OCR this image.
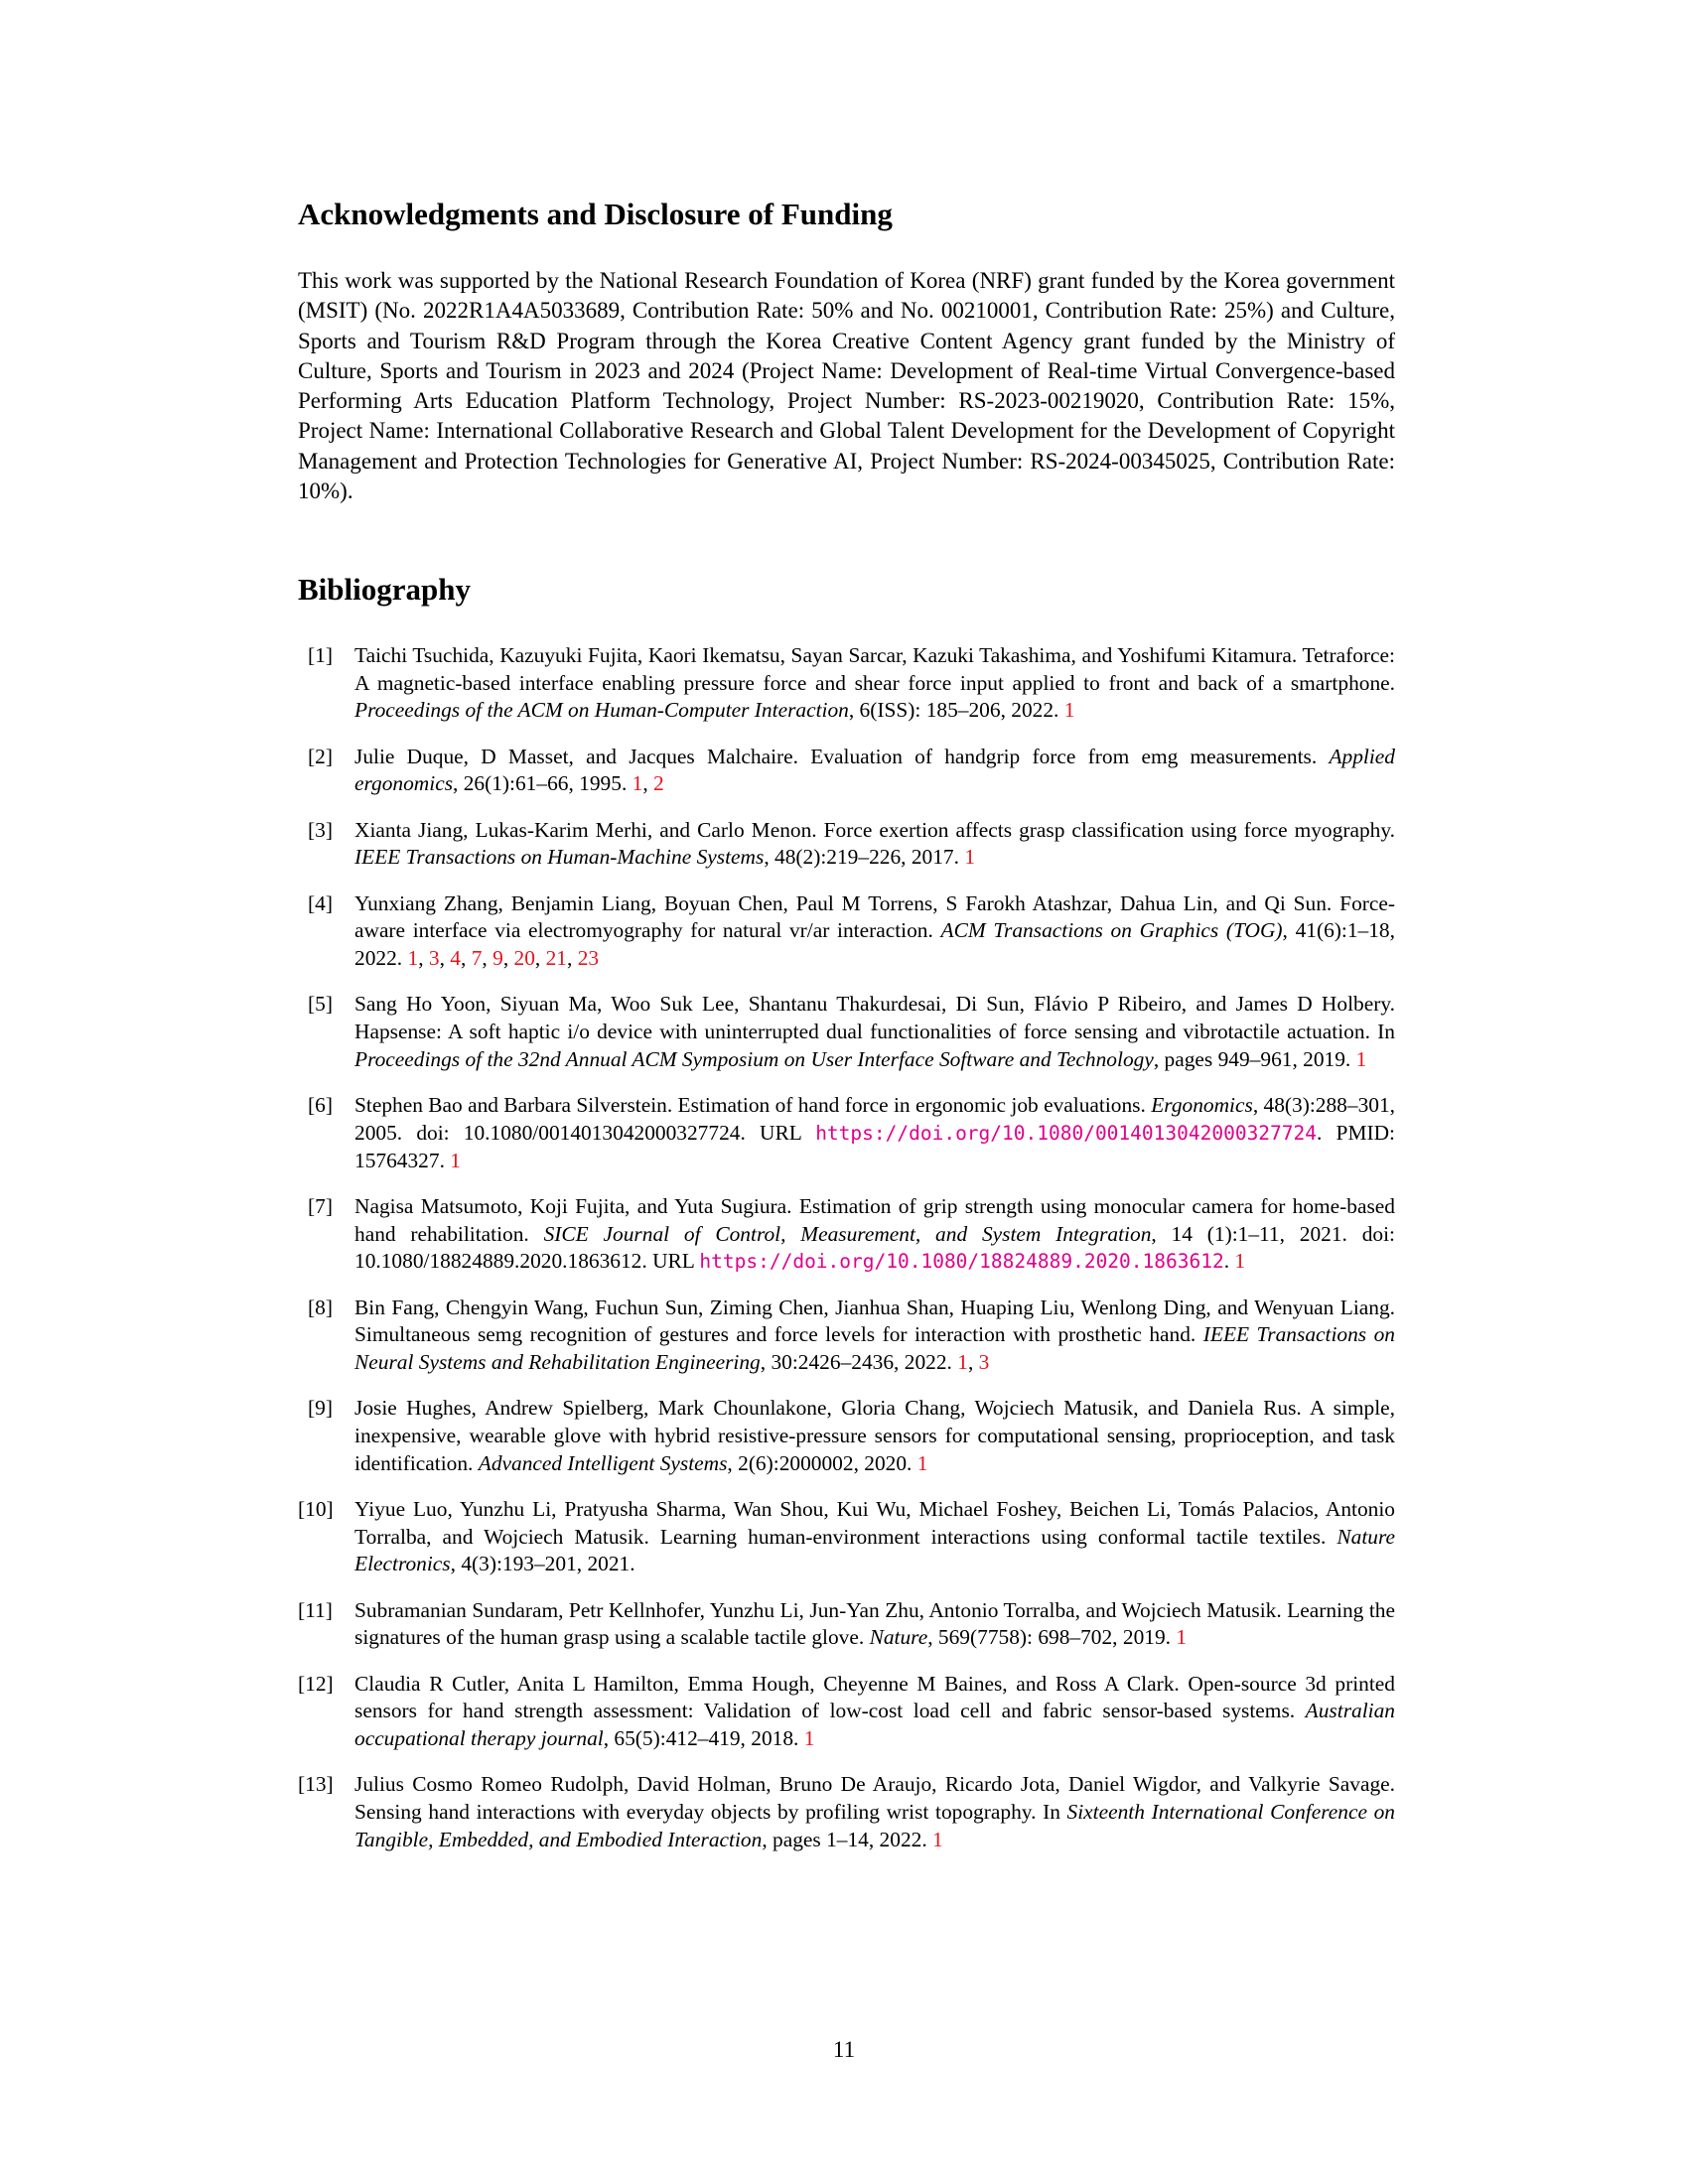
Acknowledgments and Disclosure of Funding

This work was supported by the National Research Foundation of Korea (NRF) grant funded by the Korea government (MSIT) (No. 2022R1A4A5033689, Contribution Rate: 50% and No. 00210001, Contribution Rate: 25%) and Culture, Sports and Tourism R&D Program through the Korea Creative Content Agency grant funded by the Ministry of Culture, Sports and Tourism in 2023 and 2024 (Project Name: Development of Real-time Virtual Convergence-based Performing Arts Education Platform Technology, Project Number: RS-2023-00219020, Contribution Rate: 15%, Project Name: International Collaborative Research and Global Talent Development for the Development of Copyright Management and Protection Technologies for Generative AI, Project Number: RS-2024-00345025, Contribution Rate: 10%).

Bibliography
[1]	Taichi Tsuchida, Kazuyuki Fujita, Kaori Ikematsu, Sayan Sarcar, Kazuki Takashima, and Yoshifumi Kitamura. Tetraforce: A magnetic-based interface enabling pressure force and shear force input applied to front and back of a smartphone. Proceedings of the ACM on Human-Computer Interaction, 6(ISS): 185–206, 2022. 1
[2]	Julie Duque, D Masset, and Jacques Malchaire. Evaluation of handgrip force from emg measurements. Applied ergonomics, 26(1):61–66, 1995. 1, 2
[3]	Xianta Jiang, Lukas-Karim Merhi, and Carlo Menon. Force exertion affects grasp classification using force myography. IEEE Transactions on Human-Machine Systems, 48(2):219–226, 2017. 1
[4]	Yunxiang Zhang, Benjamin Liang, Boyuan Chen, Paul M Torrens, S Farokh Atashzar, Dahua Lin, and Qi Sun. Force-aware interface via electromyography for natural vr/ar interaction. ACM Transactions on Graphics (TOG), 41(6):1–18, 2022. 1, 3, 4, 7, 9, 20, 21, 23
[5]	Sang Ho Yoon, Siyuan Ma, Woo Suk Lee, Shantanu Thakurdesai, Di Sun, Flávio P Ribeiro, and James D Holbery. Hapsense: A soft haptic i/o device with uninterrupted dual functionalities of force sensing and vibrotactile actuation. In Proceedings of the 32nd Annual ACM Symposium on User Interface Software and Technology, pages 949–961, 2019. 1
[6]	Stephen Bao and Barbara Silverstein. Estimation of hand force in ergonomic job evaluations. Ergonomics, 48(3):288–301, 2005. doi: 10.1080/0014013042000327724. URL https://doi.org/10.1080/0014013042000327724. PMID: 15764327. 1
[7]	Nagisa Matsumoto, Koji Fujita, and Yuta Sugiura. Estimation of grip strength using monocular camera for home-based hand rehabilitation. SICE Journal of Control, Measurement, and System Integration, 14 (1):1–11, 2021. doi: 10.1080/18824889.2020.1863612. URL https://doi.org/10.1080/18824889.2020.1863612. 1
[8]	Bin Fang, Chengyin Wang, Fuchun Sun, Ziming Chen, Jianhua Shan, Huaping Liu, Wenlong Ding, and Wenyuan Liang. Simultaneous semg recognition of gestures and force levels for interaction with prosthetic hand. IEEE Transactions on Neural Systems and Rehabilitation Engineering, 30:2426–2436, 2022. 1, 3
[9]	Josie Hughes, Andrew Spielberg, Mark Chounlakone, Gloria Chang, Wojciech Matusik, and Daniela Rus. A simple, inexpensive, wearable glove with hybrid resistive-pressure sensors for computational sensing, proprioception, and task identification. Advanced Intelligent Systems, 2(6):2000002, 2020. 1
[10] Yiyue Luo, Yunzhu Li, Pratyusha Sharma, Wan Shou, Kui Wu, Michael Foshey, Beichen Li, Tomás Palacios, Antonio Torralba, and Wojciech Matusik. Learning human-environment interactions using conformal tactile textiles. Nature Electronics, 4(3):193–201, 2021.
[11]	Subramanian Sundaram, Petr Kellnhofer, Yunzhu Li, Jun-Yan Zhu, Antonio Torralba, and Wojciech Matusik. Learning the signatures of the human grasp using a scalable tactile glove. Nature, 569(7758): 698–702, 2019. 1
[12] Claudia R Cutler, Anita L Hamilton, Emma Hough, Cheyenne M Baines, and Ross A Clark. Open-source 3d printed sensors for hand strength assessment: Validation of low-cost load cell and fabric sensor-based systems. Australian occupational therapy journal, 65(5):412–419, 2018. 1
[13] Julius Cosmo Romeo Rudolph, David Holman, Bruno De Araujo, Ricardo Jota, Daniel Wigdor, and Valkyrie Savage. Sensing hand interactions with everyday objects by profiling wrist topography. In Sixteenth International Conference on Tangible, Embedded, and Embodied Interaction, pages 1–14, 2022. 1
11
